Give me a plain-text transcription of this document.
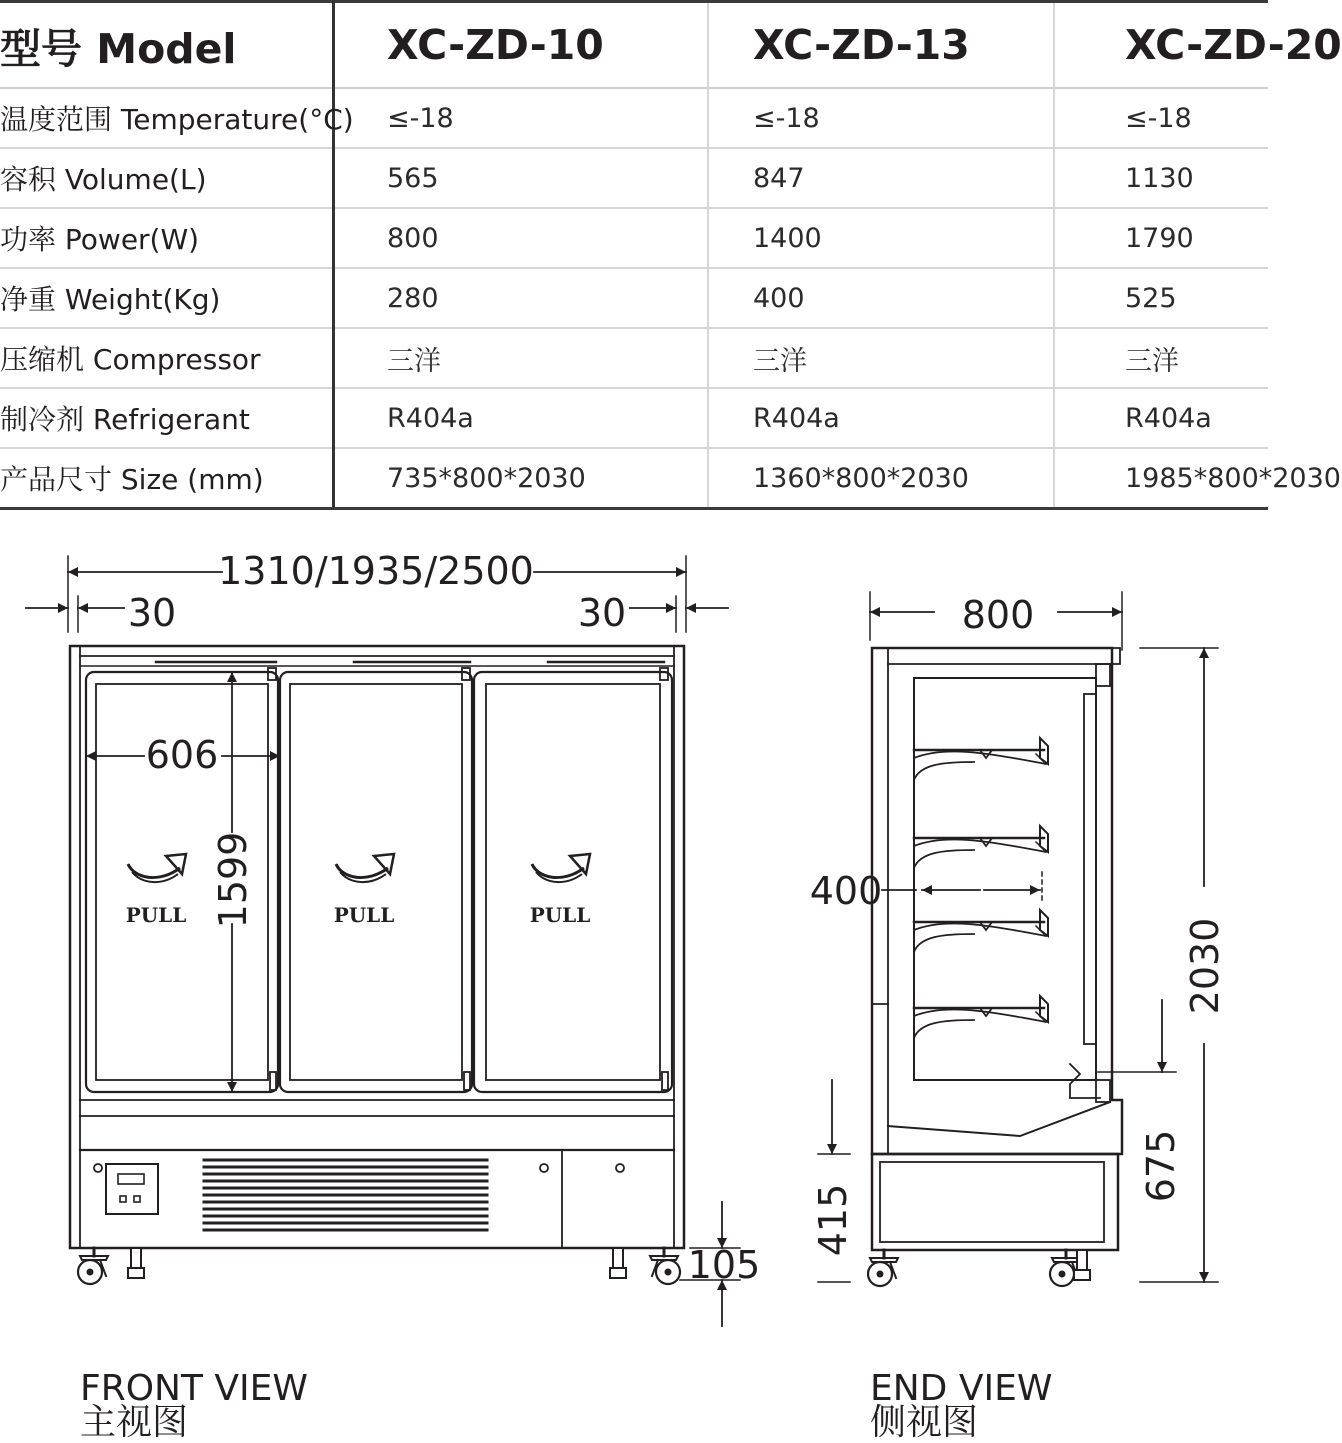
型号 Model	XC-ZD-10	XC-ZD-13	XC-ZD-20
温度范围 Temperature(°C)	≤-18	≤-18	≤-18
容积 Volume(L)	565	847	1130
功率 Power(W)	800	1400	1790
净重 Weight(Kg)	280	400	525
压缩机 Compressor	三洋	三洋	三洋
制冷剂 Refrigerant	R404a	R404a	R404a
产品尺寸 Size (mm)	735*800*2030	1360*800*2030	1985*800*2030
1310/1935/2500
30	30
606
1599
105
PULL	PULL	PULL
800
400
2030
675
415
FRONT VIEW
主视图
END VIEW
侧视图
